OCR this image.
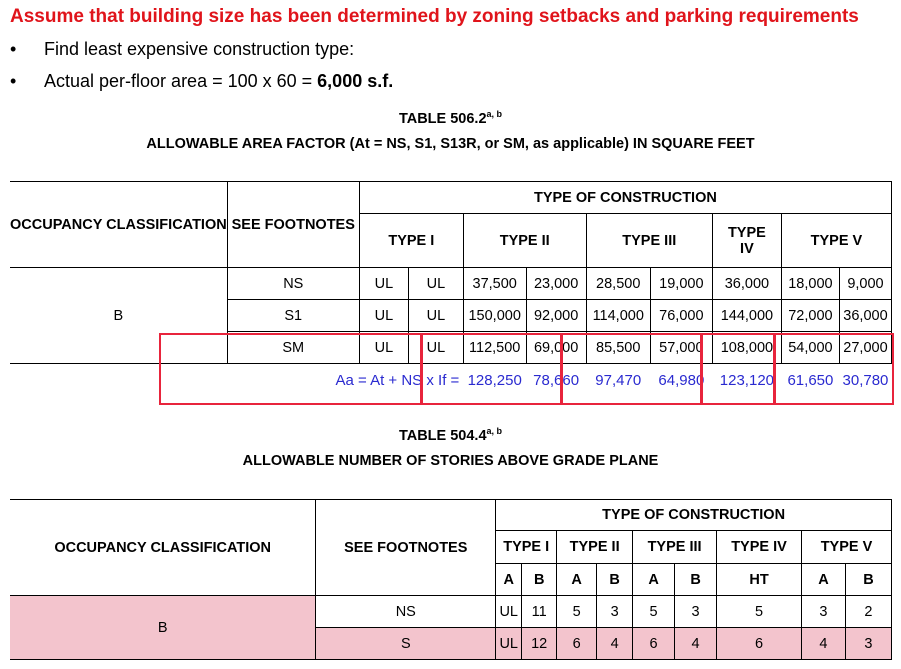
Assume that building size has been determined by zoning setbacks and parking requirements
• Find least expensive construction type:
• Actual per-floor area = 100 x 60 = 6,000 s.f.
TABLE 506.2$^{a, b}$
ALLOWABLE AREA FACTOR (At = NS, S1, S13R, or SM, as applicable) IN SQUARE FEET
OCCUPANCY CLASSIFICATION	SEE FOOTNOTES	TYPE OF CONSTRUCTION								
		TYPE I		TYPE II		TYPE III		TYPE IV	TYPE V	
B	NS	UL	UL	37,500	23,000	28,500	19,000	36,000	18,000	9,000
	S1	UL	UL	150,000	92,000	114,000	76,000	144,000	72,000	36,000
	SM	UL	UL	112,500	69,000	85,500	57,000	108,000	54,000	27,000
	Aa = At + NS x If =			128,250	78,660	97,470	64,980	123,120	61,650	30,780
TABLE 504.4$^{a, b}$
ALLOWABLE NUMBER OF STORIES ABOVE GRADE PLANE
OCCUPANCY CLASSIFICATION	SEE FOOTNOTES	TYPE OF CONSTRUCTION								
		TYPE I		TYPE II		TYPE III		TYPE IV	TYPE V	
		A	B	A	B	A	B	HT	A	B
B	NS	UL	11	5	3	5	3	5	3	2
	S	UL	12	6	4	6	4	6	4	3
